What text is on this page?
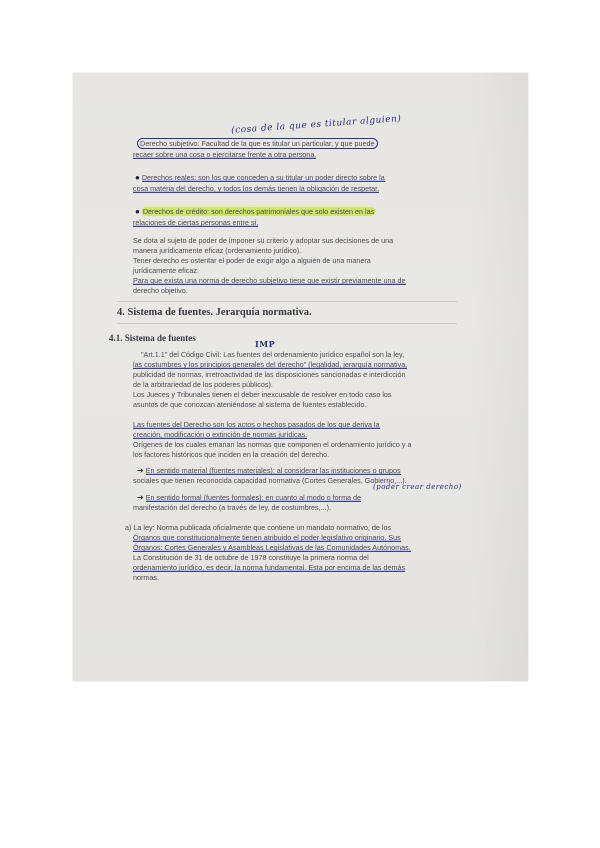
(cosa de la que es titular alguien)
Derecho subjetivo: Facultad de la que es titular un particular, y que puede
recaer sobre una cosa o ejercitarse frente a otra persona.
● Derechos reales: son los que conceden a su titular un poder directo sobre la
cosa materia del derecho, y todos los demás tienen la obligación de respetar.
● Derechos de crédito: son derechos patrimoniales que solo existen en las
relaciones de ciertas personas entre sí.
Se dota al sujeto de poder de imponer su criterio y adoptar sus decisiones de una
manera jurídicamente eficaz (ordenamiento jurídico).
Tener derecho es ostentar el poder de exigir algo a alguien de una manera
jurídicamente eficaz.
Para que exista una norma de derecho subjetivo tiene que existir previamente una de
derecho objetivo.
4. Sistema de fuentes. Jerarquía normativa.
4.1. Sistema de fuentes
IMP
"Art.1.1" del Código Civil: Las fuentes del ordenamiento jurídico español son la ley,
las costumbres y los principios generales del derecho" (legalidad, jerarquía normativa,
publicidad de normas, irretroactividad de las disposiciones sancionadas e interdicción
de la arbitrariedad de los poderes públicos).
Los Jueces y Tribunales tienen el deber inexcusable de resolver en todo caso los
asuntos de que conozcan ateniéndose al sistema de fuentes establecido.
Las fuentes del Derecho son los actos o hechos pasados de los que deriva la
creación, modificación o extinción de normas jurídicas.
Orígenes de los cuales emanan las normas que componen el ordenamiento jurídico y a
los factores históricos que inciden en la creación del derecho.
➔ En sentido material (fuentes materiales): al considerar las instituciones o grupos
sociales que tienen reconocida capacidad normativa (Cortes Generales, Gobierno,...).
(poder crear derecho)
➔ En sentido formal (fuentes formales): en cuanto al modo o forma de
manifestación del derecho (a través de ley, de costumbres,...).
a) La ley: Norma publicada oficialmente que contiene un mandato normativo, de los
Órganos que constitucionalmente tienen atribuido el poder legislativo originario. Sus
Órganos: Cortes Generales y Asambleas Legislativas de las Comunidades Autónomas.
La Constitución de 31 de octubre de 1978 constituye la primera norma del
ordenamiento jurídico, es decir, la norma fundamental. Esta por encima de las demás
normas.
